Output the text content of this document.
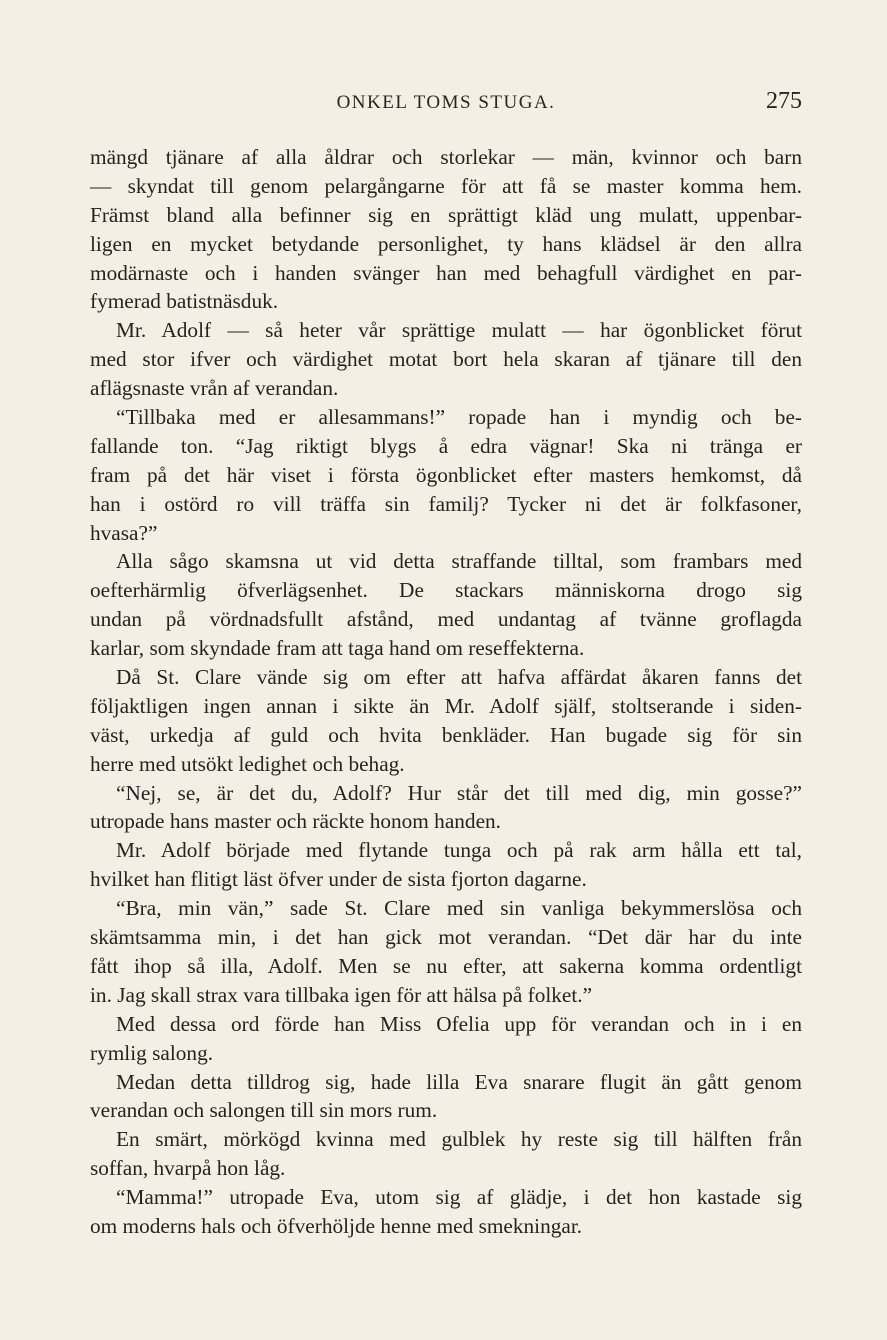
ONKEL TOMS STUGA.	275
mängd tjänare af alla åldrar och storlekar — män, kvinnor och barn
— skyndat till genom pelargångarne för att få se master komma hem.
Främst bland alla befinner sig en sprättigt kläd ung mulatt, uppenbar-
ligen en mycket betydande personlighet, ty hans klädsel är den allra
modärnaste och i handen svänger han med behagfull värdighet en par-
fymerad batistnäsduk.
Mr. Adolf — så heter vår sprättige mulatt — har ögonblicket förut
med stor ifver och värdighet motat bort hela skaran af tjänare till den
aflägsnaste vrån af verandan.
“Tillbaka med er allesammans!” ropade han i myndig och be-
fallande ton. “Jag riktigt blygs å edra vägnar! Ska ni tränga er
fram på det här viset i första ögonblicket efter masters hemkomst, då
han i ostörd ro vill träffa sin familj? Tycker ni det är folkfasoner,
hvasa?”
Alla sågo skamsna ut vid detta straffande tilltal, som frambars med
oefterhärmlig öfverlägsenhet. De stackars människorna drogo sig
undan på vördnadsfullt afstånd, med undantag af tvänne groflagda
karlar, som skyndade fram att taga hand om reseffekterna.
Då St. Clare vände sig om efter att hafva affärdat åkaren fanns det
följaktligen ingen annan i sikte än Mr. Adolf själf, stoltserande i siden-
väst, urkedja af guld och hvita benkläder. Han bugade sig för sin
herre med utsökt ledighet och behag.
“Nej, se, är det du, Adolf? Hur står det till med dig, min gosse?”
utropade hans master och räckte honom handen.
Mr. Adolf började med flytande tunga och på rak arm hålla ett tal,
hvilket han flitigt läst öfver under de sista fjorton dagarne.
“Bra, min vän,” sade St. Clare med sin vanliga bekymmerslösa och
skämtsamma min, i det han gick mot verandan. “Det där har du inte
fått ihop så illa, Adolf. Men se nu efter, att sakerna komma ordentligt
in. Jag skall strax vara tillbaka igen för att hälsa på folket.”
Med dessa ord förde han Miss Ofelia upp för verandan och in i en
rymlig salong.
Medan detta tilldrog sig, hade lilla Eva snarare flugit än gått genom
verandan och salongen till sin mors rum.
En smärt, mörkögd kvinna med gulblek hy reste sig till hälften från
soffan, hvarpå hon låg.
“Mamma!” utropade Eva, utom sig af glädje, i det hon kastade sig
om moderns hals och öfverhöljde henne med smekningar.
